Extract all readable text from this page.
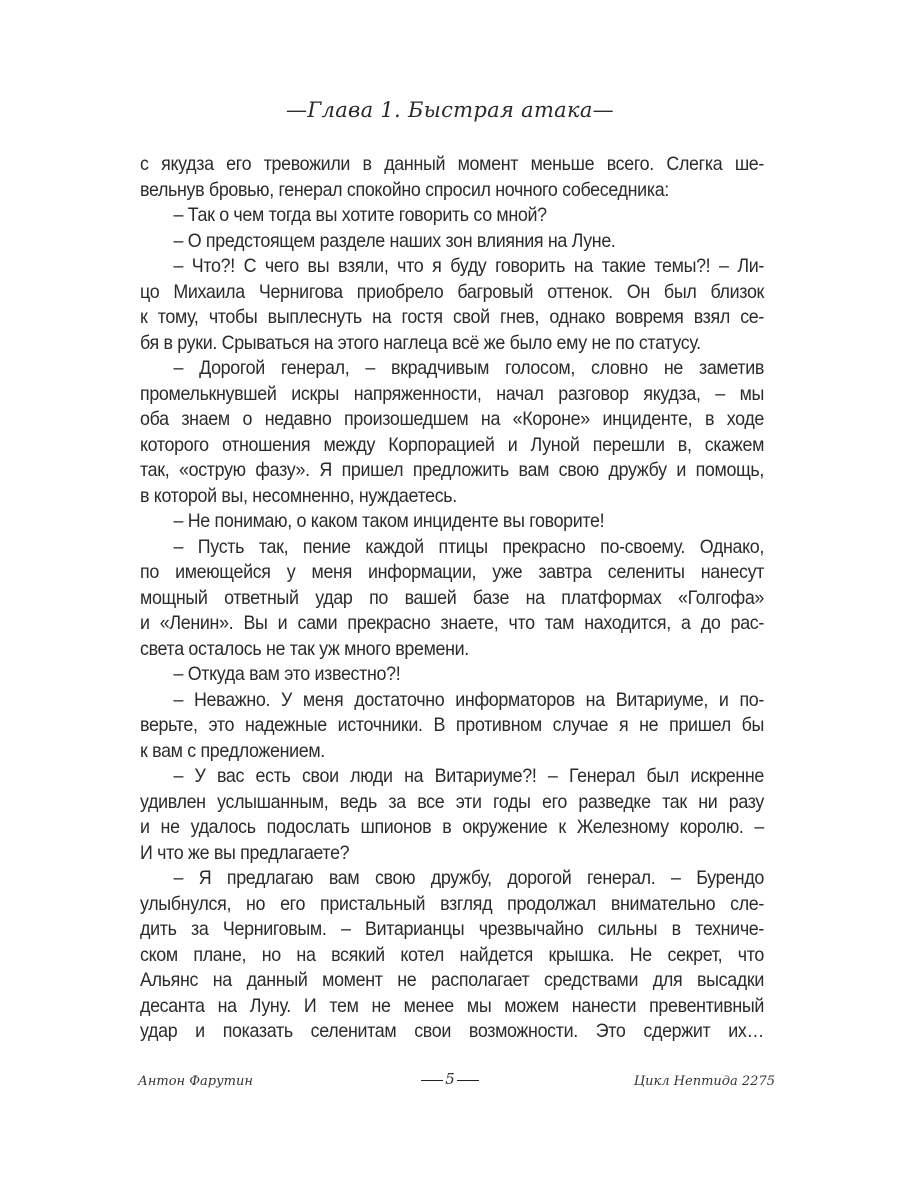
—Глава 1. Быстрая атака—
с якудза его тревожили в данный момент меньше всего. Слегка ше-
вельнув бровью, генерал спокойно спросил ночного собеседника:
– Так о чем тогда вы хотите говорить со мной?
– О предстоящем разделе наших зон влияния на Луне.
– Что?! С чего вы взяли, что я буду говорить на такие темы?! – Ли-
цо Михаила Чернигова приобрело багровый оттенок. Он был близок
к тому, чтобы выплеснуть на гостя свой гнев, однако вовремя взял се-
бя в руки. Срываться на этого наглеца всё же было ему не по статусу.
– Дорогой генерал, – вкрадчивым голосом, словно не заметив
промелькнувшей искры напряженности, начал разговор якудза, – мы
оба знаем о недавно произошедшем на «Короне» инциденте, в ходе
которого отношения между Корпорацией и Луной перешли в, скажем
так, «острую фазу». Я пришел предложить вам свою дружбу и помощь,
в которой вы, несомненно, нуждаетесь.
– Не понимаю, о каком таком инциденте вы говорите!
– Пусть так, пение каждой птицы прекрасно по-своему. Однако,
по имеющейся у меня информации, уже завтра селениты нанесут
мощный ответный удар по вашей базе на платформах «Голгофа»
и «Ленин». Вы и сами прекрасно знаете, что там находится, а до рас-
света осталось не так уж много времени.
– Откуда вам это известно?!
– Неважно. У меня достаточно информаторов на Витариуме, и по-
верьте, это надежные источники. В противном случае я не пришел бы
к вам с предложением.
– У вас есть свои люди на Витариуме?! – Генерал был искренне
удивлен услышанным, ведь за все эти годы его разведке так ни разу
и не удалось подослать шпионов в окружение к Железному королю. –
И что же вы предлагаете?
– Я предлагаю вам свою дружбу, дорогой генерал. – Бурендо
улыбнулся, но его пристальный взгляд продолжал внимательно сле-
дить за Черниговым. – Витарианцы чрезвычайно сильны в техниче-
ском плане, но на всякий котел найдется крышка. Не секрет, что
Альянс на данный момент не располагает средствами для высадки
десанта на Луну. И тем не менее мы можем нанести превентивный
удар и показать селенитам свои возможности. Это сдержит их…
Антон Фарутин	5	Цикл Нептида 2275
